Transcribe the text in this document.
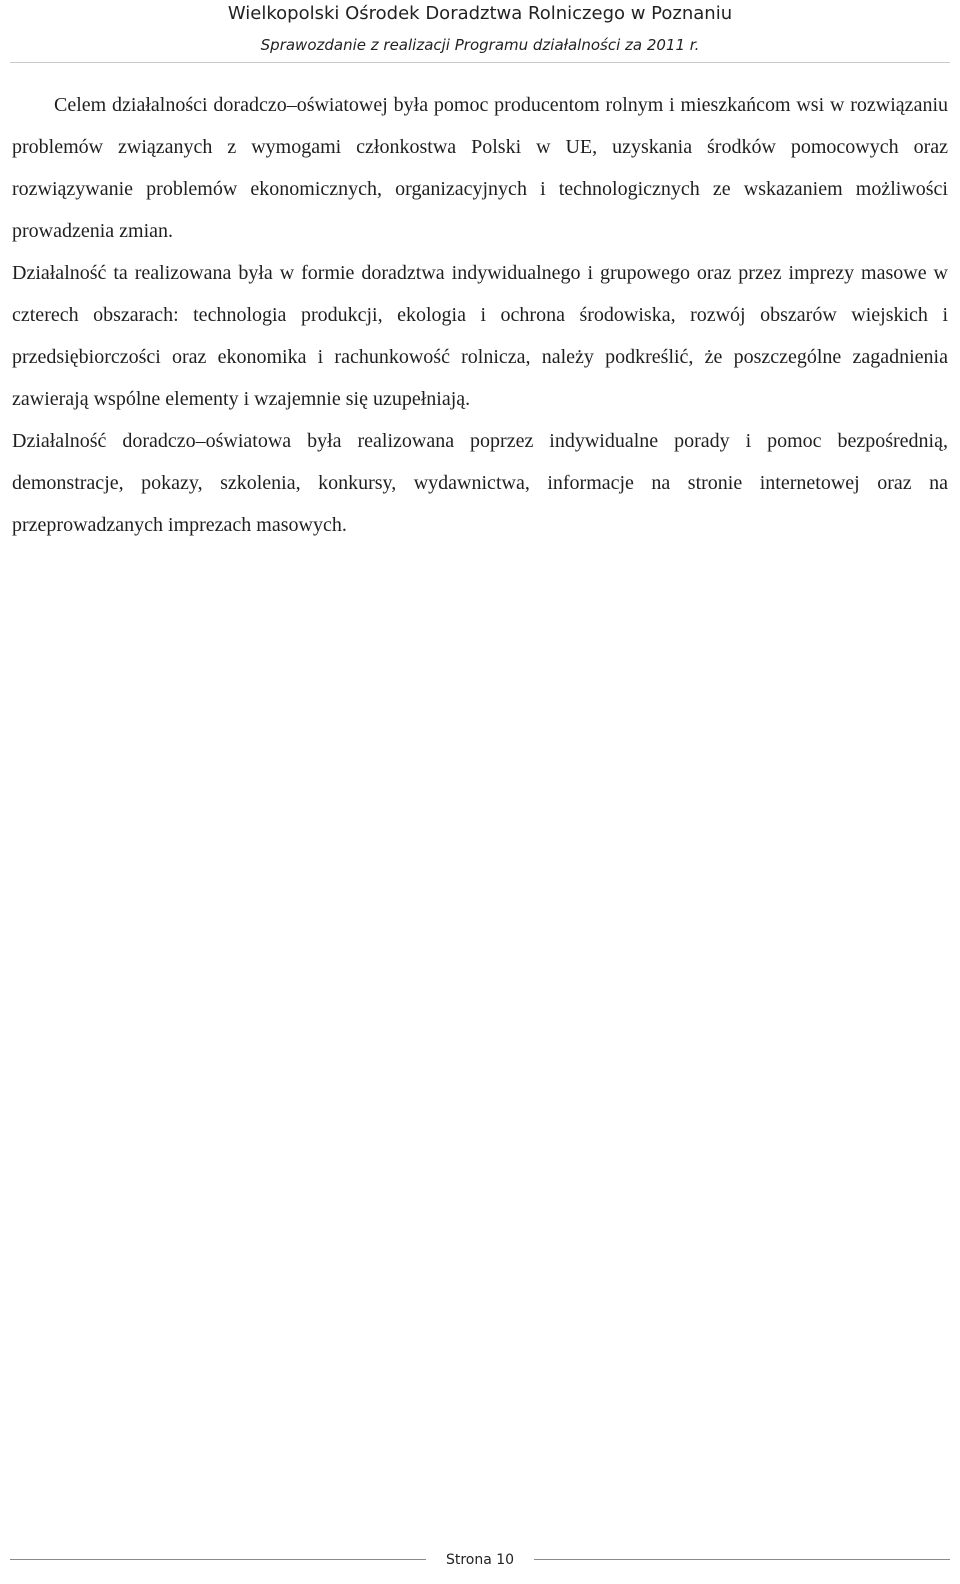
Wielkopolski Ośrodek Doradztwa Rolniczego w Poznaniu
Sprawozdanie z realizacji Programu działalności za 2011 r.

Celem działalności doradczo–oświatowej była pomoc producentom rolnym i mieszkańcom wsi w rozwiązaniu problemów związanych z wymogami członkostwa Polski w UE, uzyskania środków pomocowych oraz rozwiązywanie problemów ekonomicznych, organizacyjnych i technologicznych ze wskazaniem możliwości prowadzenia zmian.

Działalność ta realizowana była w formie doradztwa indywidualnego i grupowego oraz przez imprezy masowe w czterech obszarach: technologia produkcji, ekologia i ochrona środowiska, rozwój obszarów wiejskich i przedsiębiorczości oraz ekonomika i rachunkowość rolnicza, należy podkreślić, że poszczególne zagadnienia zawierają wspólne elementy i wzajemnie się uzupełniają.

Działalność doradczo–oświatowa była realizowana poprzez indywidualne porady i pomoc bezpośrednią, demonstracje, pokazy, szkolenia, konkursy, wydawnictwa, informacje na stronie internetowej oraz na przeprowadzanych imprezach masowych.

Strona 10
